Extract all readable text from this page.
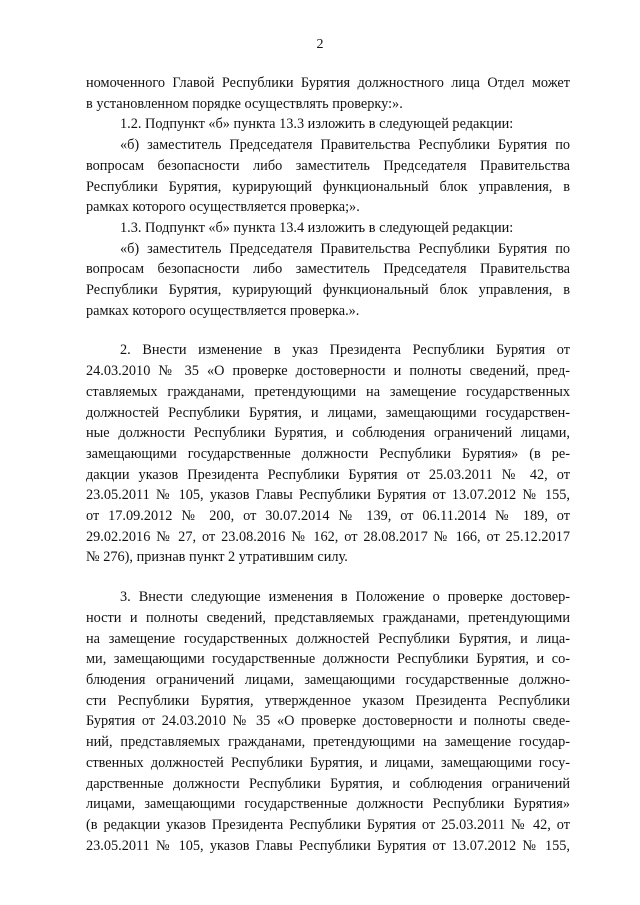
2
номоченного Главой Республики Бурятия должностного лица Отдел может
в установленном порядке осуществлять проверку:».
1.2. Подпункт «б» пункта 13.3 изложить в следующей редакции:
«б) заместитель Председателя Правительства Республики Бурятия по
вопросам безопасности либо заместитель Председателя Правительства
Республики Бурятия, курирующий функциональный блок управления, в
рамках которого осуществляется проверка;».
1.3. Подпункт «б» пункта 13.4 изложить в следующей редакции:
«б) заместитель Председателя Правительства Республики Бурятия по
вопросам безопасности либо заместитель Председателя Правительства
Республики Бурятия, курирующий функциональный блок управления, в
рамках которого осуществляется проверка.».
2. Внести изменение в указ Президента Республики Бурятия от
24.03.2010 № 35 «О проверке достоверности и полноты сведений, пред-
ставляемых гражданами, претендующими на замещение государственных
должностей Республики Бурятия, и лицами, замещающими государствен-
ные должности Республики Бурятия, и соблюдения ограничений лицами,
замещающими государственные должности Республики Бурятия» (в ре-
дакции указов Президента Республики Бурятия от 25.03.2011 № 42, от
23.05.2011 № 105, указов Главы Республики Бурятия от 13.07.2012 № 155,
от 17.09.2012 № 200, от 30.07.2014 № 139, от 06.11.2014 № 189, от
29.02.2016 № 27, от 23.08.2016 № 162, от 28.08.2017 № 166, от 25.12.2017
№ 276), признав пункт 2 утратившим силу.
3. Внести следующие изменения в Положение о проверке достовер-
ности и полноты сведений, представляемых гражданами, претендующими
на замещение государственных должностей Республики Бурятия, и лица-
ми, замещающими государственные должности Республики Бурятия, и со-
блюдения ограничений лицами, замещающими государственные должно-
сти Республики Бурятия, утвержденное указом Президента Республики
Бурятия от 24.03.2010 № 35 «О проверке достоверности и полноты сведе-
ний, представляемых гражданами, претендующими на замещение государ-
ственных должностей Республики Бурятия, и лицами, замещающими госу-
дарственные должности Республики Бурятия, и соблюдения ограничений
лицами, замещающими государственные должности Республики Бурятия»
(в редакции указов Президента Республики Бурятия от 25.03.2011 № 42, от
23.05.2011 № 105, указов Главы Республики Бурятия от 13.07.2012 № 155,
